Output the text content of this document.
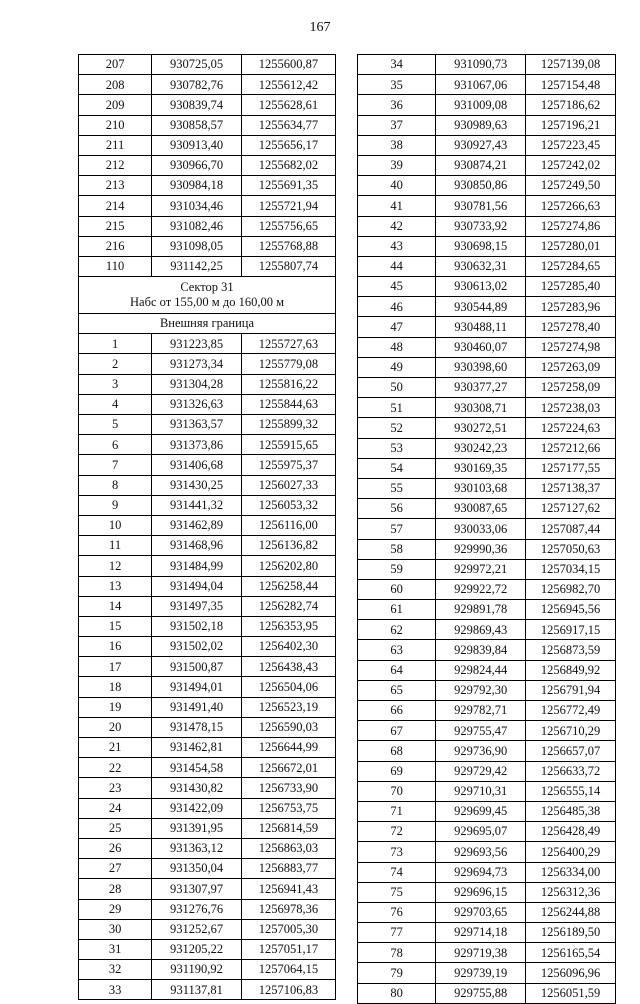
167
207	930725,05	1255600,87
208	930782,76	1255612,42
209	930839,74	1255628,61
210	930858,57	1255634,77
211	930913,40	1255656,17
212	930966,70	1255682,02
213	930984,18	1255691,35
214	931034,46	1255721,94
215	931082,46	1255756,65
216	931098,05	1255768,88
110	931142,25	1255807,74

Сектор 31
Набс от 155,00 м до 160,00 м		

Внешняя граница		
1	931223,85	1255727,63
2	931273,34	1255779,08
3	931304,28	1255816,22
4	931326,63	1255844,63
5	931363,57	1255899,32
6	931373,86	1255915,65
7	931406,68	1255975,37
8	931430,25	1256027,33
9	931441,32	1256053,32
10	931462,89	1256116,00
11	931468,96	1256136,82
12	931484,99	1256202,80
13	931494,04	1256258,44
14	931497,35	1256282,74
15	931502,18	1256353,95
16	931502,02	1256402,30
17	931500,87	1256438,43
18	931494,01	1256504,06
19	931491,40	1256523,19
20	931478,15	1256590,03
21	931462,81	1256644,99
22	931454,58	1256672,01
23	931430,82	1256733,90
24	931422,09	1256753,75
25	931391,95	1256814,59
26	931363,12	1256863,03
27	931350,04	1256883,77
28	931307,97	1256941,43
29	931276,76	1256978,36
30	931252,67	1257005,30
31	931205,22	1257051,17
32	931190,92	1257064,15
33	931137,81	1257106,83
34	931090,73	1257139,08
35	931067,06	1257154,48
36	931009,08	1257186,62
37	930989,63	1257196,21
38	930927,43	1257223,45
39	930874,21	1257242,02
40	930850,86	1257249,50
41	930781,56	1257266,63
42	930733,92	1257274,86
43	930698,15	1257280,01
44	930632,31	1257284,65
45	930613,02	1257285,40
46	930544,89	1257283,96
47	930488,11	1257278,40
48	930460,07	1257274,98
49	930398,60	1257263,09
50	930377,27	1257258,09
51	930308,71	1257238,03
52	930272,51	1257224,63
53	930242,23	1257212,66
54	930169,35	1257177,55
55	930103,68	1257138,37
56	930087,65	1257127,62
57	930033,06	1257087,44
58	929990,36	1257050,63
59	929972,21	1257034,15
60	929922,72	1256982,70
61	929891,78	1256945,56
62	929869,43	1256917,15
63	929839,84	1256873,59
64	929824,44	1256849,92
65	929792,30	1256791,94
66	929782,71	1256772,49
67	929755,47	1256710,29
68	929736,90	1256657,07
69	929729,42	1256633,72
70	929710,31	1256555,14
71	929699,45	1256485,38
72	929695,07	1256428,49
73	929693,56	1256400,29
74	929694,73	1256334,00
75	929696,15	1256312,36
76	929703,65	1256244,88
77	929714,18	1256189,50
78	929719,38	1256165,54
79	929739,19	1256096,96
80	929755,88	1256051,59
